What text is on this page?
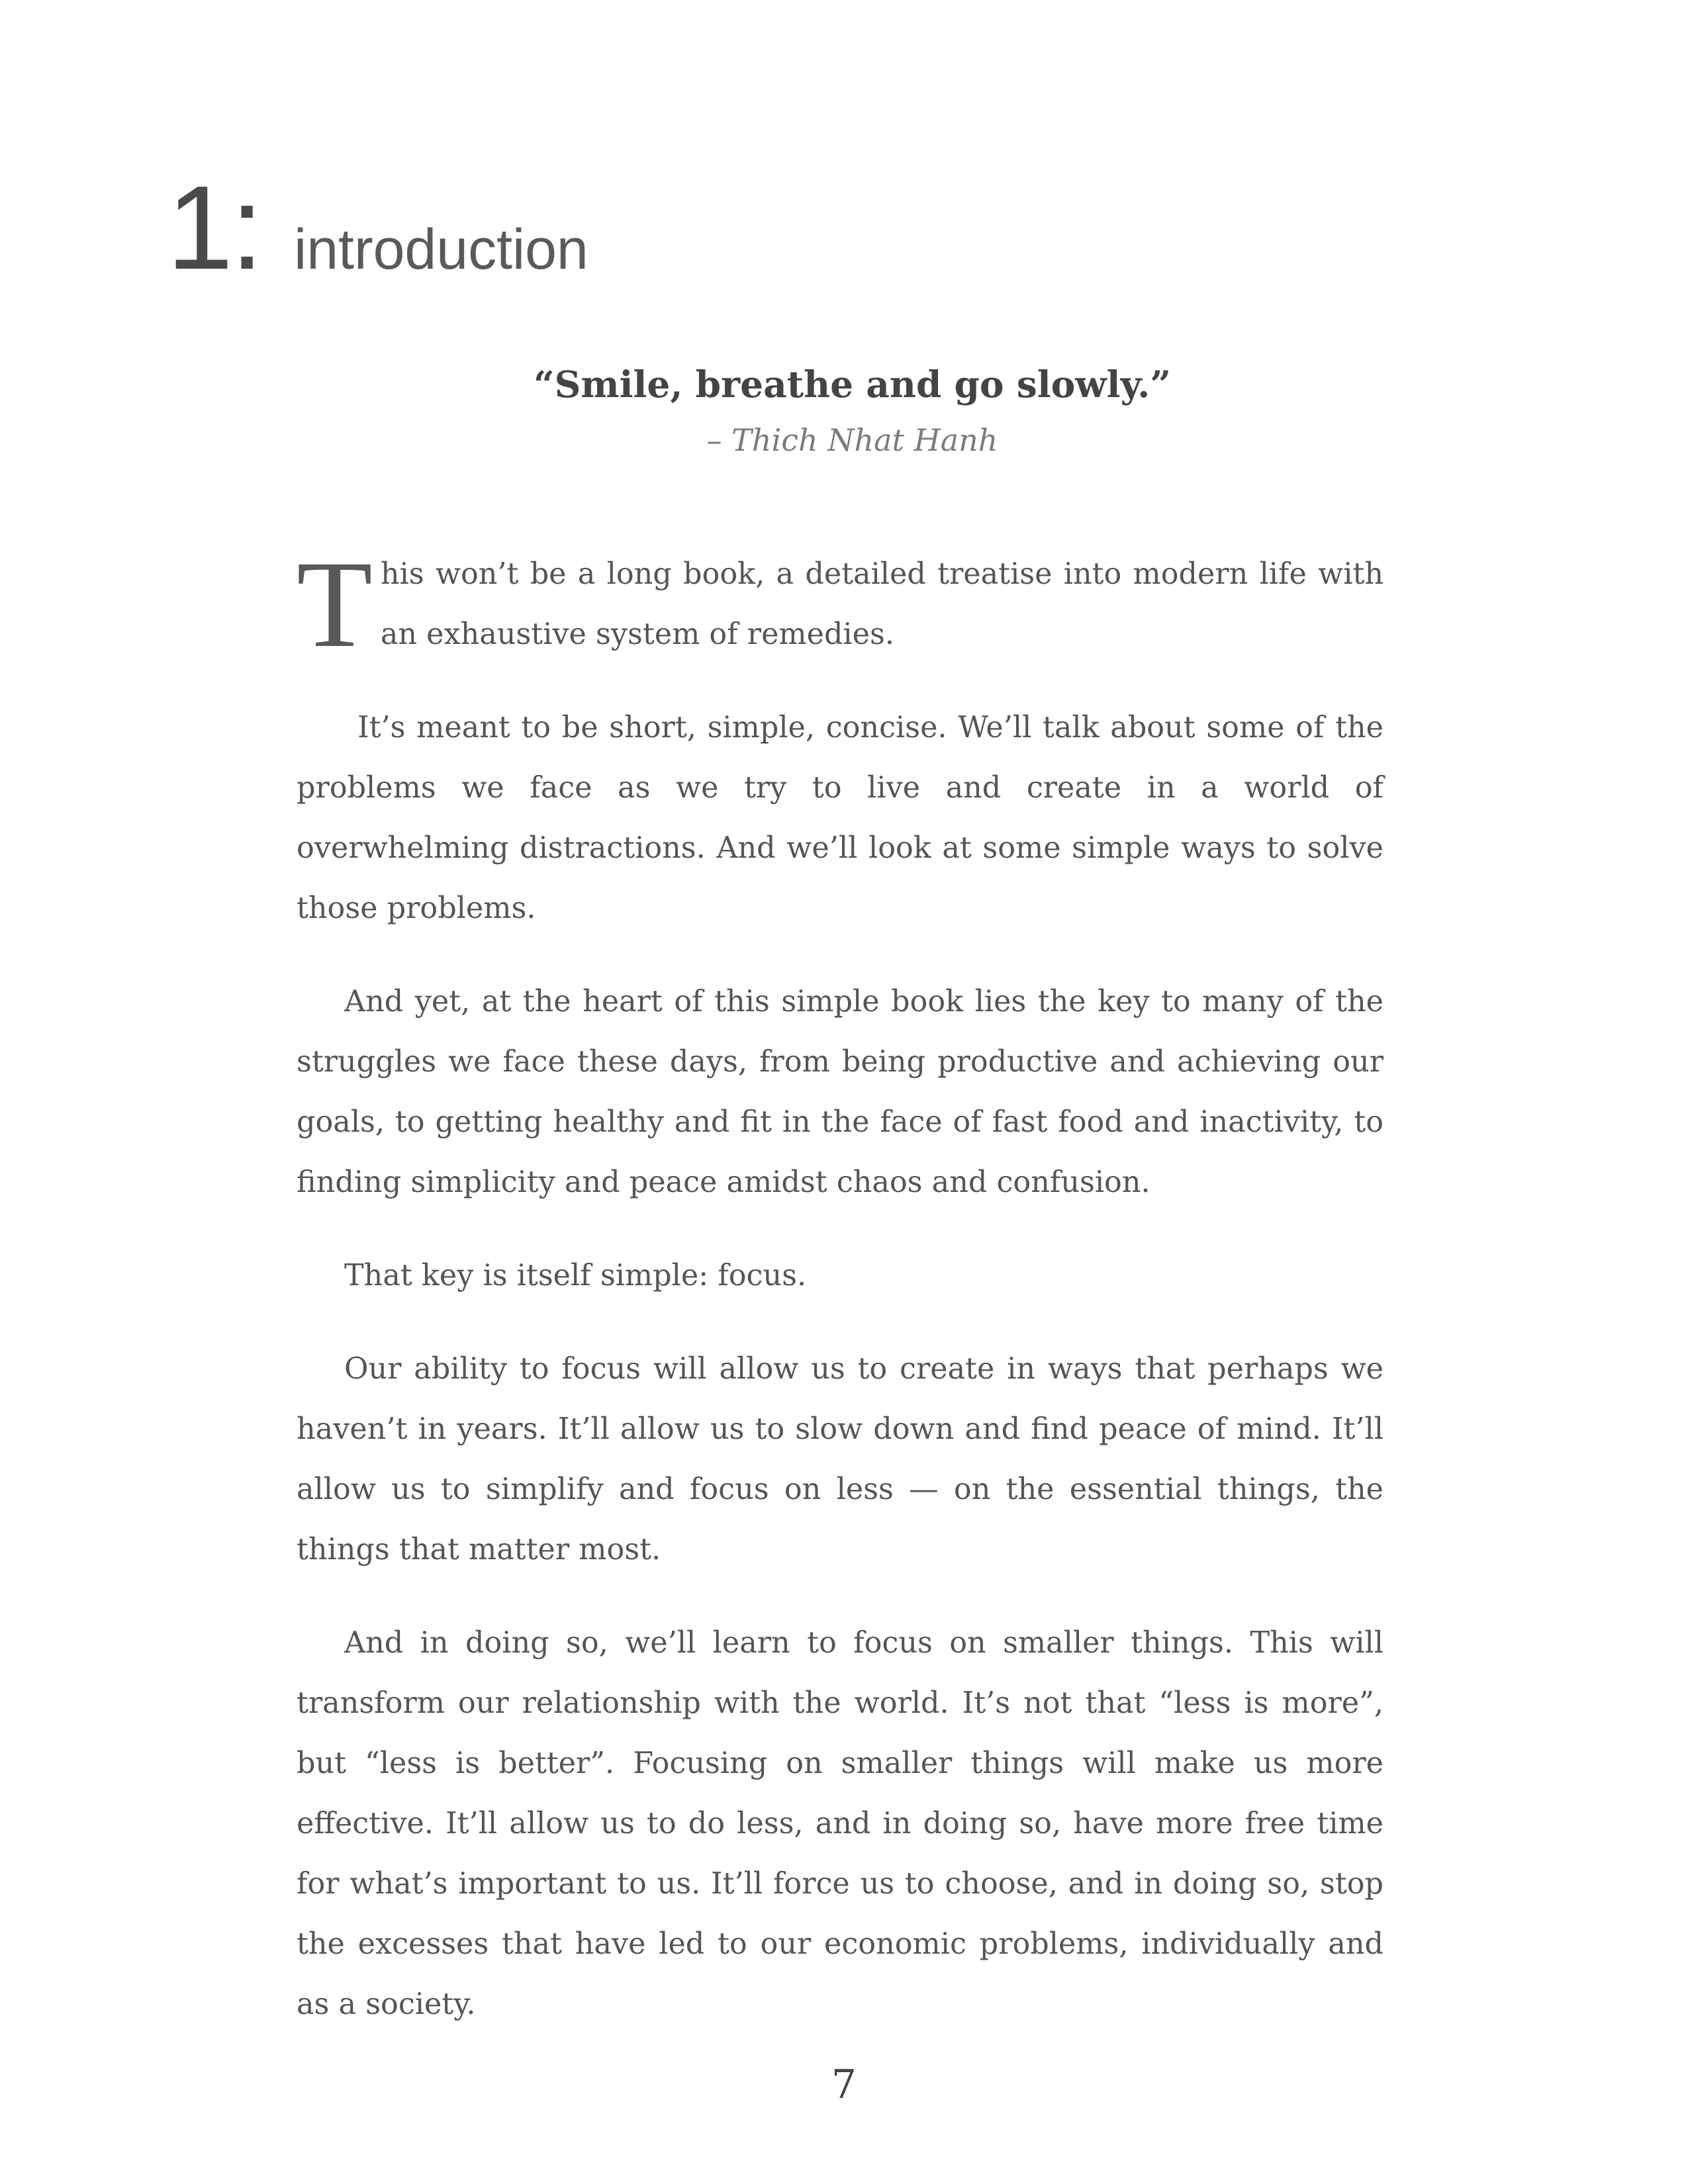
1: introduction

“Smile, breathe and go slowly.”

– Thich Nhat Hanh

This won’t be a long book, a detailed treatise into modern life with an exhaustive system of remedies.

It’s meant to be short, simple, concise. We’ll talk about some of the problems we face as we try to live and create in a world of overwhelming distractions. And we’ll look at some simple ways to solve those problems.

And yet, at the heart of this simple book lies the key to many of the struggles we face these days, from being productive and achieving our goals, to getting healthy and fit in the face of fast food and inactivity, to finding simplicity and peace amidst chaos and confusion.

That key is itself simple: focus.

Our ability to focus will allow us to create in ways that perhaps we haven’t in years. It’ll allow us to slow down and find peace of mind. It’ll allow us to simplify and focus on less — on the essential things, the things that matter most.

And in doing so, we’ll learn to focus on smaller things. This will transform our relationship with the world. It’s not that “less is more”, but “less is better”. Focusing on smaller things will make us more effective. It’ll allow us to do less, and in doing so, have more free time for what’s important to us. It’ll force us to choose, and in doing so, stop the excesses that have led to our economic problems, individually and as a society.

7
